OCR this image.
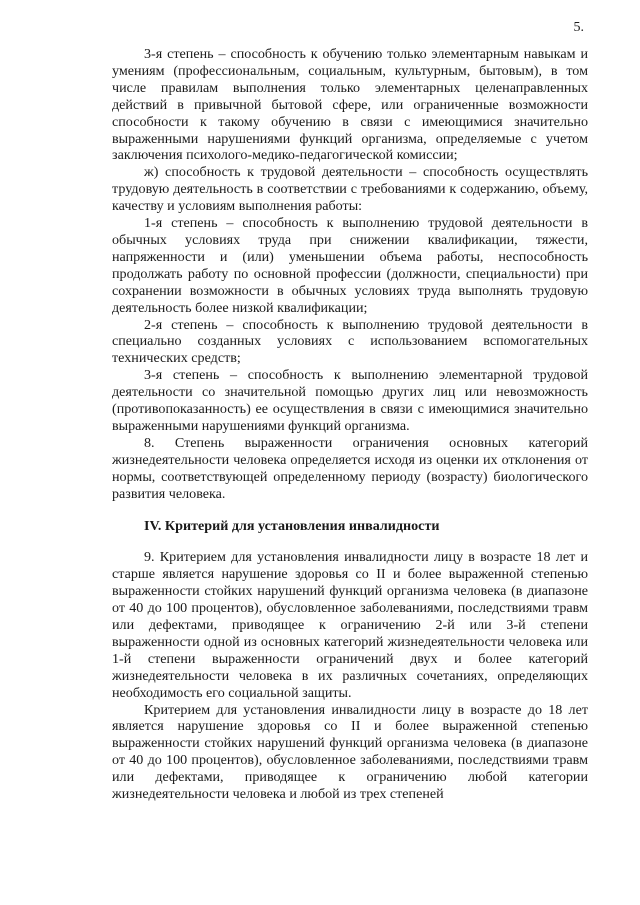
5.

3-я степень – способность к обучению только элементарным навыкам и умениям (профессиональным, социальным, культурным, бытовым), в том числе правилам выполнения только элементарных целенаправленных действий в привычной бытовой сфере, или ограниченные возможности способности к такому обучению в связи с имеющимися значительно выраженными нарушениями функций организма, определяемые с учетом заключения психолого-медико-педагогической комиссии;

ж) способность к трудовой деятельности – способность осуществлять трудовую деятельность в соответствии с требованиями к содержанию, объему, качеству и условиям выполнения работы:

1-я степень – способность к выполнению трудовой деятельности в обычных условиях труда при снижении квалификации, тяжести, напряженности и (или) уменьшении объема работы, неспособность продолжать работу по основной профессии (должности, специальности) при сохранении возможности в обычных условиях труда выполнять трудовую деятельность более низкой квалификации;

2-я степень – способность к выполнению трудовой деятельности в специально созданных условиях с использованием вспомогательных технических средств;

3-я степень – способность к выполнению элементарной трудовой деятельности со значительной помощью других лиц или невозможность (противопоказанность) ее осуществления в связи с имеющимися значительно выраженными нарушениями функций организма.

8. Степень выраженности ограничения основных категорий жизнедеятельности человека определяется исходя из оценки их отклонения от нормы, соответствующей определенному периоду (возрасту) биологического развития человека.

IV. Критерий для установления инвалидности

9. Критерием для установления инвалидности лицу в возрасте 18 лет и старше является нарушение здоровья со II и более выраженной степенью выраженности стойких нарушений функций организма человека (в диапазоне от 40 до 100 процентов), обусловленное заболеваниями, последствиями травм или дефектами, приводящее к ограничению 2-й или 3-й степени выраженности одной из основных категорий жизнедеятельности человека или 1-й степени выраженности ограничений двух и более категорий жизнедеятельности человека в их различных сочетаниях, определяющих необходимость его социальной защиты.

Критерием для установления инвалидности лицу в возрасте до 18 лет является нарушение здоровья со II и более выраженной степенью выраженности стойких нарушений функций организма человека (в диапазоне от 40 до 100 процентов), обусловленное заболеваниями, последствиями травм или дефектами, приводящее к ограничению любой категории жизнедеятельности человека и любой из трех степеней
